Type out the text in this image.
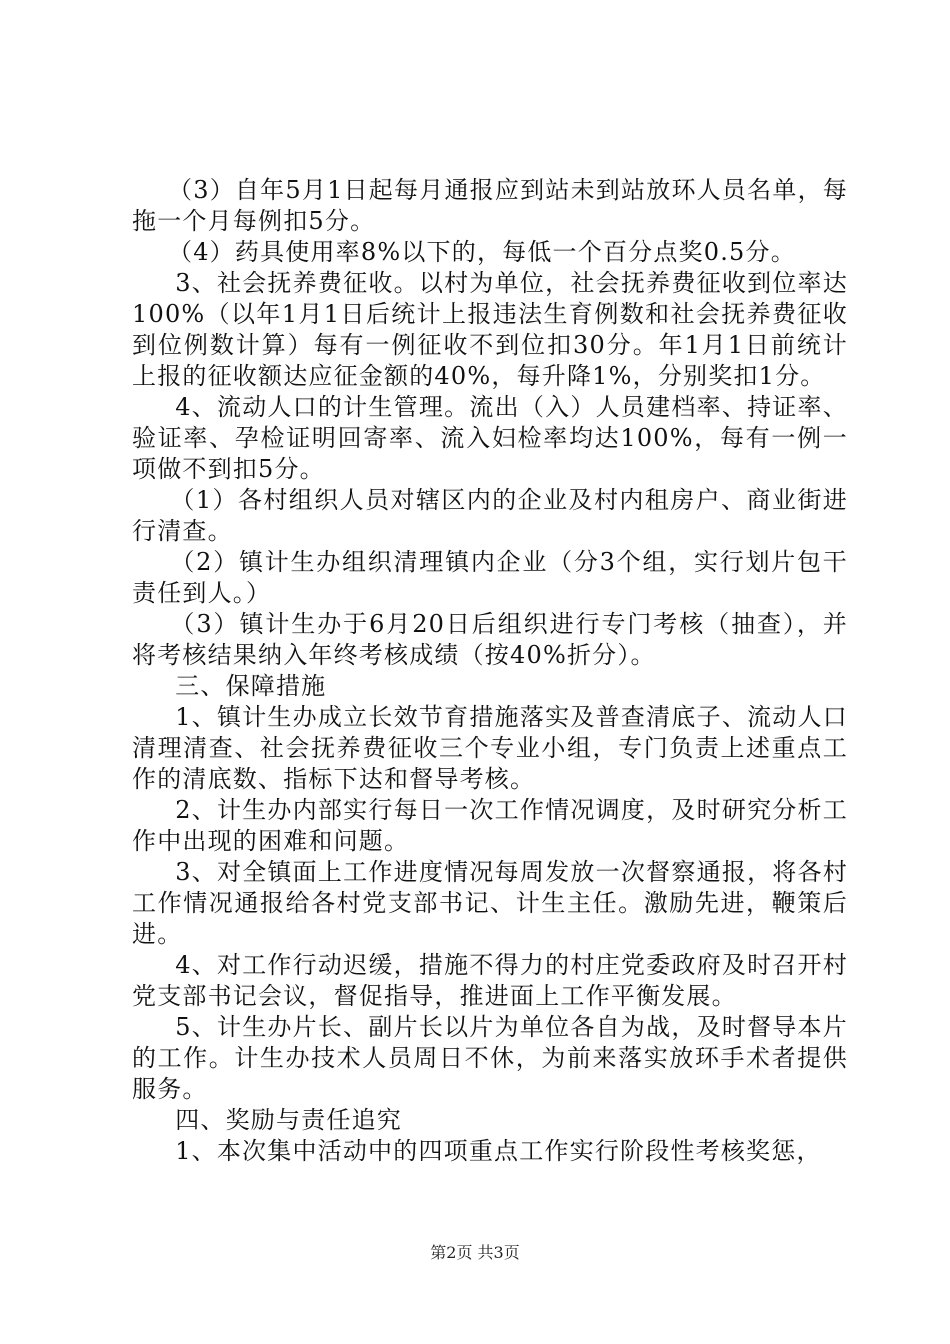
（3）自年5月1日起每月通报应到站未到站放环人员名单，每拖一个月每例扣5分。

（4）药具使用率8%以下的，每低一个百分点奖0.5分。

3、社会抚养费征收。以村为单位，社会抚养费征收到位率达100%（以年1月1日后统计上报违法生育例数和社会抚养费征收到位例数计算）每有一例征收不到位扣30分。年1月1日前统计上报的征收额达应征金额的40%，每升降1%，分别奖扣1分。

4、流动人口的计生管理。流出（入）人员建档率、持证率、验证率、孕检证明回寄率、流入妇检率均达100%，每有一例一项做不到扣5分。

（1）各村组织人员对辖区内的企业及村内租房户、商业街进行清查。

（2）镇计生办组织清理镇内企业（分3个组，实行划片包干责任到人。）

（3）镇计生办于6月20日后组织进行专门考核（抽查），并将考核结果纳入年终考核成绩（按40%折分）。

三、保障措施

1、镇计生办成立长效节育措施落实及普查清底子、流动人口清理清查、社会抚养费征收三个专业小组，专门负责上述重点工作的清底数、指标下达和督导考核。

2、计生办内部实行每日一次工作情况调度，及时研究分析工作中出现的困难和问题。

3、对全镇面上工作进度情况每周发放一次督察通报，将各村工作情况通报给各村党支部书记、计生主任。激励先进，鞭策后进。

4、对工作行动迟缓，措施不得力的村庄党委政府及时召开村党支部书记会议，督促指导，推进面上工作平衡发展。

5、计生办片长、副片长以片为单位各自为战，及时督导本片的工作。计生办技术人员周日不休，为前来落实放环手术者提供服务。

四、奖励与责任追究

1、本次集中活动中的四项重点工作实行阶段性考核奖惩，

第2页 共3页
